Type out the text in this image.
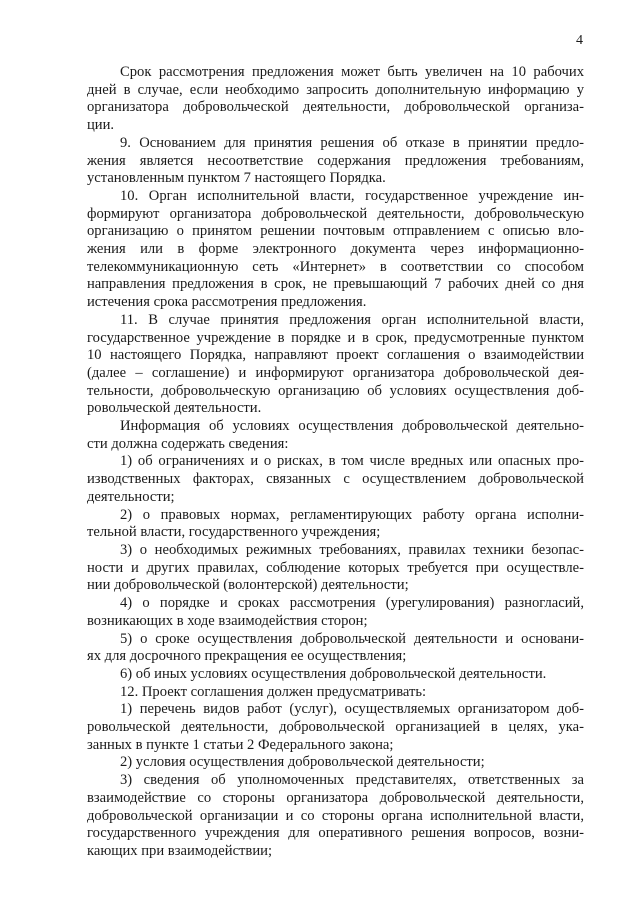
4
Срок рассмотрения предложения может быть увеличен на 10 рабочих
дней в случае, если необходимо запросить дополнительную информацию у
организатора добровольческой деятельности, добровольческой организа-
ции.
9. Основанием для принятия решения об отказе в принятии предло-
жения является несоответствие содержания предложения требованиям,
установленным пунктом 7 настоящего Порядка.
10. Орган исполнительной власти, государственное учреждение ин-
формируют организатора добровольческой деятельности, добровольческую
организацию о принятом решении почтовым отправлением с описью вло-
жения или в форме электронного документа через информационно-
телекоммуникационную сеть «Интернет» в соответствии со способом
направления предложения в срок, не превышающий 7 рабочих дней со дня
истечения срока рассмотрения предложения.
11. В случае принятия предложения орган исполнительной власти,
государственное учреждение в порядке и в срок, предусмотренные пунктом
10 настоящего Порядка, направляют проект соглашения о взаимодействии
(далее – соглашение) и информируют организатора добровольческой дея-
тельности, добровольческую организацию об условиях осуществления доб-
ровольческой деятельности.
Информация об условиях осуществления добровольческой деятельно-
сти должна содержать сведения:
1) об ограничениях и о рисках, в том числе вредных или опасных про-
изводственных факторах, связанных с осуществлением добровольческой
деятельности;
2) о правовых нормах, регламентирующих работу органа исполни-
тельной власти, государственного учреждения;
3) о необходимых режимных требованиях, правилах техники безопас-
ности и других правилах, соблюдение которых требуется при осуществле-
нии добровольческой (волонтерской) деятельности;
4) о порядке и сроках рассмотрения (урегулирования) разногласий,
возникающих в ходе взаимодействия сторон;
5) о сроке осуществления добровольческой деятельности и основани-
ях для досрочного прекращения ее осуществления;
6) об иных условиях осуществления добровольческой деятельности.
12. Проект соглашения должен предусматривать:
1) перечень видов работ (услуг), осуществляемых организатором доб-
ровольческой деятельности, добровольческой организацией в целях, ука-
занных в пункте 1 статьи 2 Федерального закона;
2) условия осуществления добровольческой деятельности;
3) сведения об уполномоченных представителях, ответственных за
взаимодействие со стороны организатора добровольческой деятельности,
добровольческой организации и со стороны органа исполнительной власти,
государственного учреждения для оперативного решения вопросов, возни-
кающих при взаимодействии;
